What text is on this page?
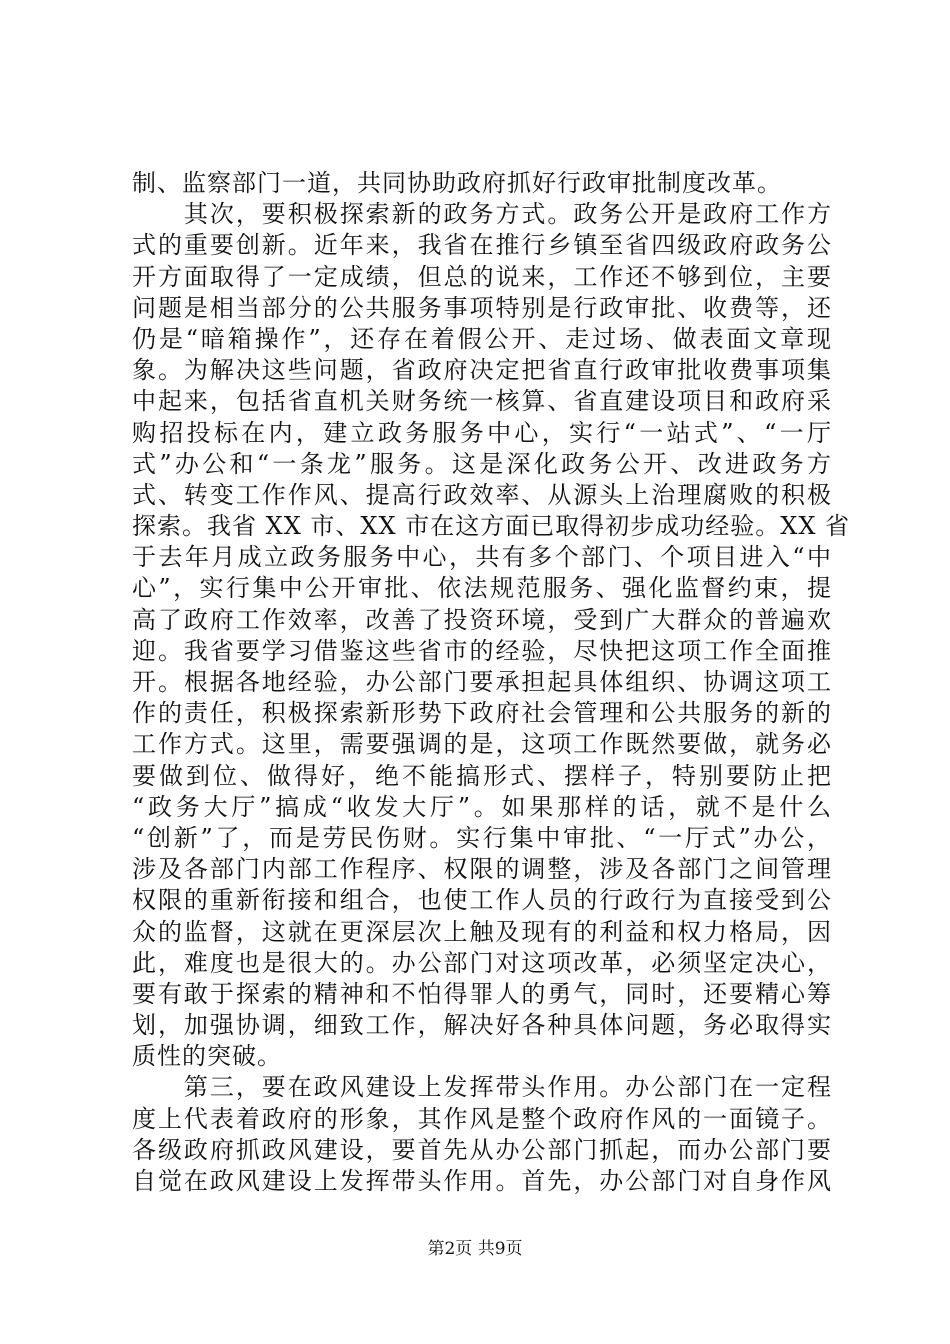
制、监察部门一道，共同协助政府抓好行政审批制度改革。
　　其次，要积极探索新的政务方式。政务公开是政府工作方
式的重要创新。近年来，我省在推行乡镇至省四级政府政务公
开方面取得了一定成绩，但总的说来，工作还不够到位，主要
问题是相当部分的公共服务事项特别是行政审批、收费等，还
仍是“暗箱操作”，还存在着假公开、走过场、做表面文章现
象。为解决这些问题，省政府决定把省直行政审批收费事项集
中起来，包括省直机关财务统一核算、省直建设项目和政府采
购招投标在内，建立政务服务中心，实行“一站式”、“一厅
式”办公和“一条龙”服务。这是深化政务公开、改进政务方
式、转变工作作风、提高行政效率、从源头上治理腐败的积极
探索。我省 XX 市、XX 市在这方面已取得初步成功经验。XX 省
于去年月成立政务服务中心，共有多个部门、个项目进入“中
心”，实行集中公开审批、依法规范服务、强化监督约束，提
高了政府工作效率，改善了投资环境，受到广大群众的普遍欢
迎。我省要学习借鉴这些省市的经验，尽快把这项工作全面推
开。根据各地经验，办公部门要承担起具体组织、协调这项工
作的责任，积极探索新形势下政府社会管理和公共服务的新的
工作方式。这里，需要强调的是，这项工作既然要做，就务必
要做到位、做得好，绝不能搞形式、摆样子，特别要防止把
“政务大厅”搞成“收发大厅”。如果那样的话，就不是什么
“创新”了，而是劳民伤财。实行集中审批、“一厅式”办公，
涉及各部门内部工作程序、权限的调整，涉及各部门之间管理
权限的重新衔接和组合，也使工作人员的行政行为直接受到公
众的监督，这就在更深层次上触及现有的利益和权力格局，因
此，难度也是很大的。办公部门对这项改革，必须坚定决心，
要有敢于探索的精神和不怕得罪人的勇气，同时，还要精心筹
划，加强协调，细致工作，解决好各种具体问题，务必取得实
质性的突破。
　　第三，要在政风建设上发挥带头作用。办公部门在一定程
度上代表着政府的形象，其作风是整个政府作风的一面镜子。
各级政府抓政风建设，要首先从办公部门抓起，而办公部门要
自觉在政风建设上发挥带头作用。首先，办公部门对自身作风
第2页 共9页
